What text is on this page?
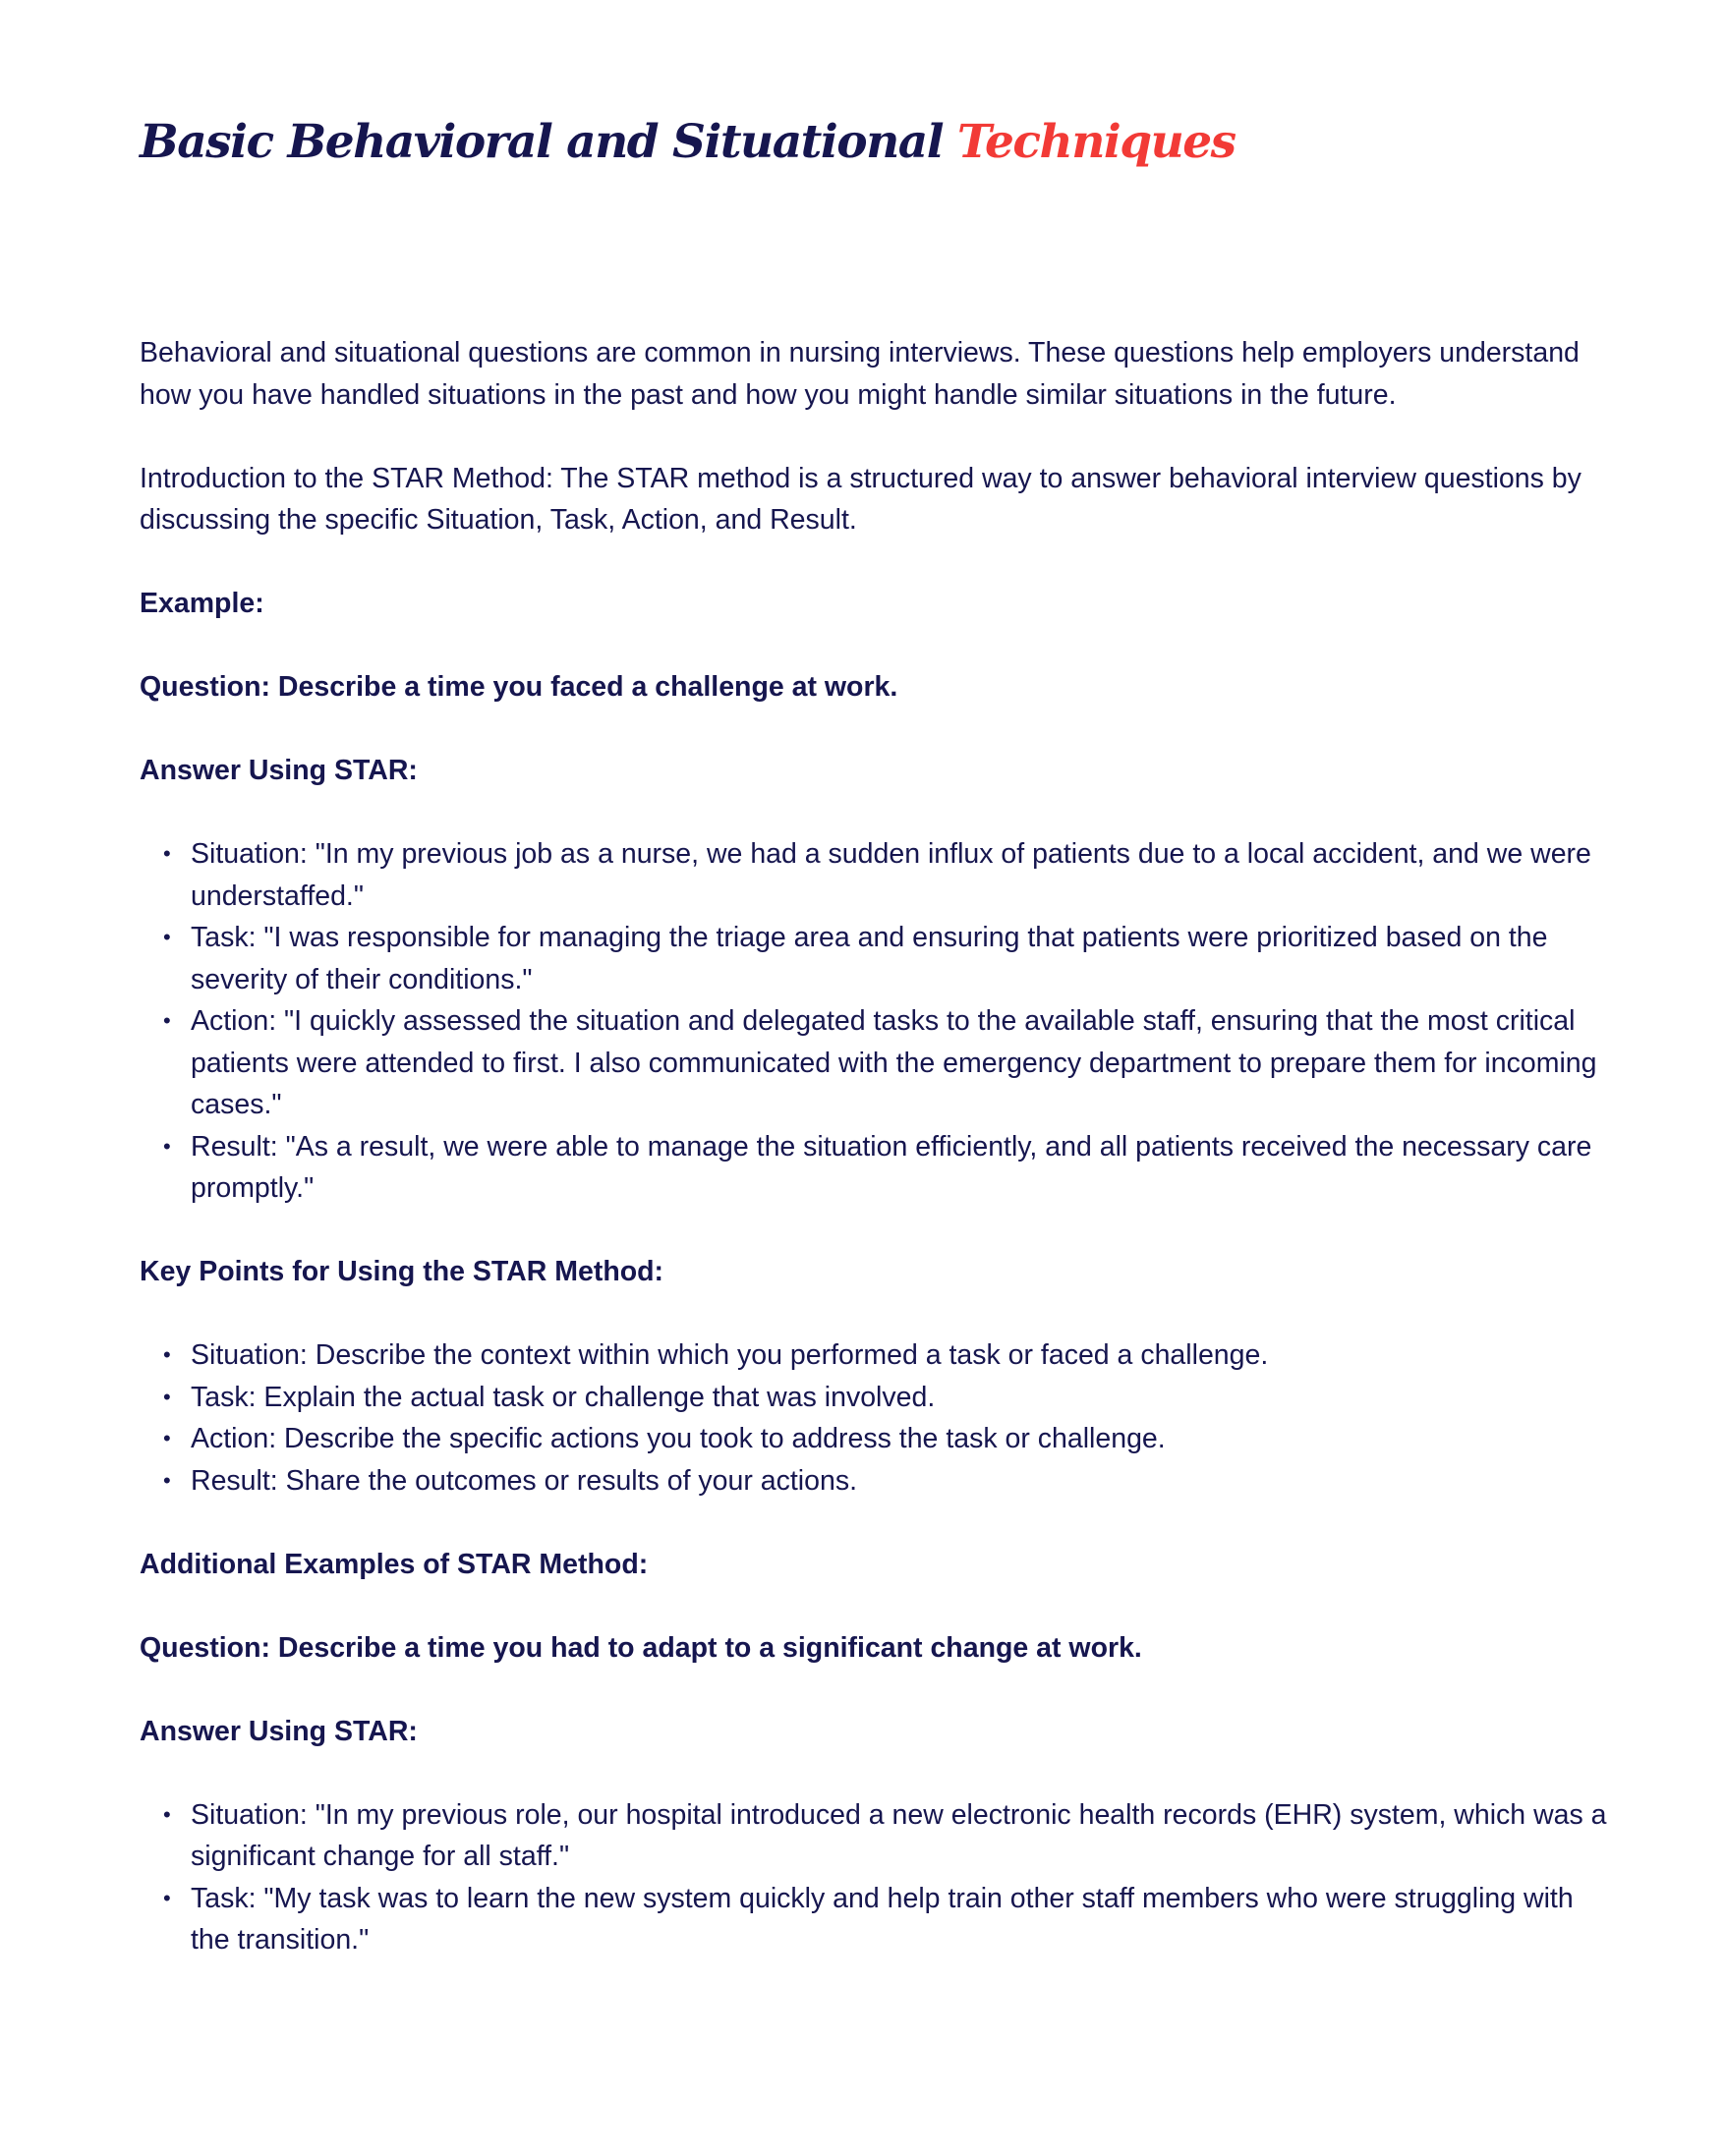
Basic Behavioral and Situational Techniques

Behavioral and situational questions are common in nursing interviews. These questions help employers understand how you have handled situations in the past and how you might handle similar situations in the future.

Introduction to the STAR Method: The STAR method is a structured way to answer behavioral interview questions by discussing the specific Situation, Task, Action, and Result.

Example:

Question: Describe a time you faced a challenge at work.

Answer Using STAR:

• Situation: "In my previous job as a nurse, we had a sudden influx of patients due to a local accident, and we were understaffed."
• Task: "I was responsible for managing the triage area and ensuring that patients were prioritized based on the severity of their conditions."
• Action: "I quickly assessed the situation and delegated tasks to the available staff, ensuring that the most critical patients were attended to first. I also communicated with the emergency department to prepare them for incoming cases."
• Result: "As a result, we were able to manage the situation efficiently, and all patients received the necessary care promptly."

Key Points for Using the STAR Method:

• Situation: Describe the context within which you performed a task or faced a challenge.
• Task: Explain the actual task or challenge that was involved.
• Action: Describe the specific actions you took to address the task or challenge.
• Result: Share the outcomes or results of your actions.

Additional Examples of STAR Method:

Question: Describe a time you had to adapt to a significant change at work.

Answer Using STAR:

• Situation: "In my previous role, our hospital introduced a new electronic health records (EHR) system, which was a significant change for all staff."
• Task: "My task was to learn the new system quickly and help train other staff members who were struggling with the transition."
